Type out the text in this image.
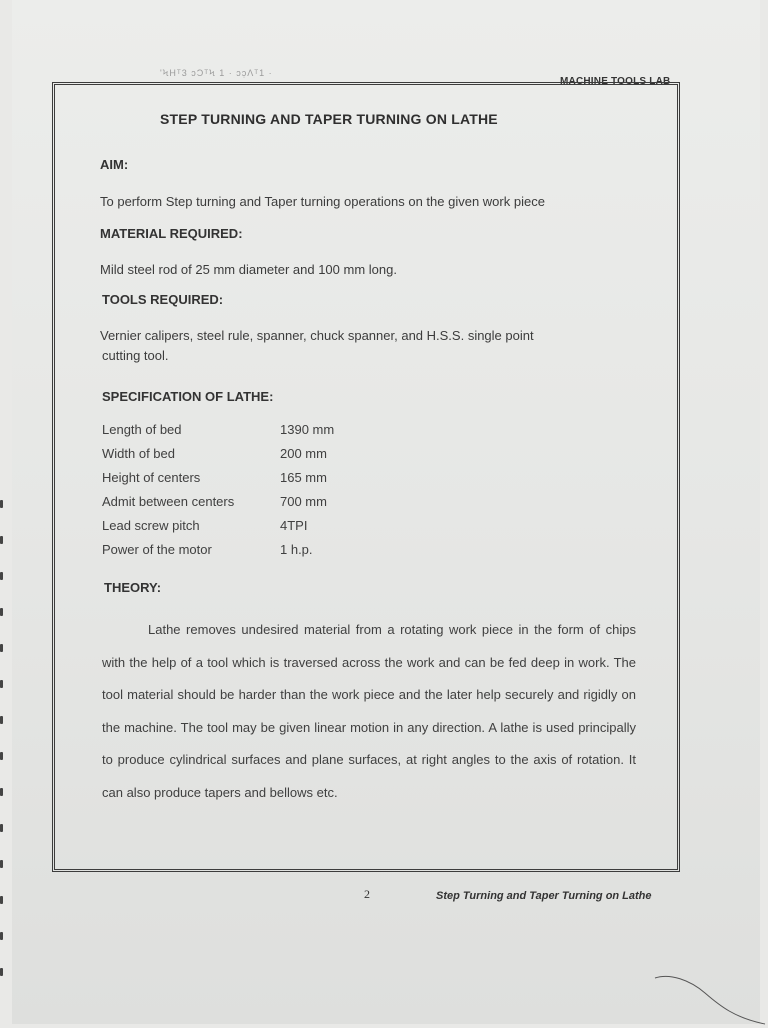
'ϞHᵀ3 ɔϽᵀϞ 1 · ɔɔ̣Ʌᵀ1 ·
MACHINE TOOLS LAB
STEP TURNING AND TAPER TURNING ON LATHE
AIM:
To perform Step turning and Taper turning operations on the given work piece
MATERIAL REQUIRED:
Mild steel rod of 25 mm diameter and 100 mm long.
TOOLS REQUIRED:
Vernier calipers, steel rule, spanner, chuck spanner, and H.S.S. single point
cutting tool.
SPECIFICATION OF LATHE:
Length of bed	1390 mm
Width of bed	200 mm
Height of centers	165 mm
Admit between centers	700 mm
Lead screw pitch	4TPI
Power of the motor	1 h.p.
THEORY:
Lathe removes undesired material from a rotating work piece in the form of chips with the help of a tool which is traversed across the work and can be fed deep in work. The tool material should be harder than the work piece and the later help securely and rigidly on the machine. The tool may be given linear motion in any direction. A lathe is used principally to produce cylindrical surfaces and plane surfaces, at right angles to the axis of rotation. It can also produce tapers and bellows etc.
2	Step Turning and Taper Turning on Lathe
